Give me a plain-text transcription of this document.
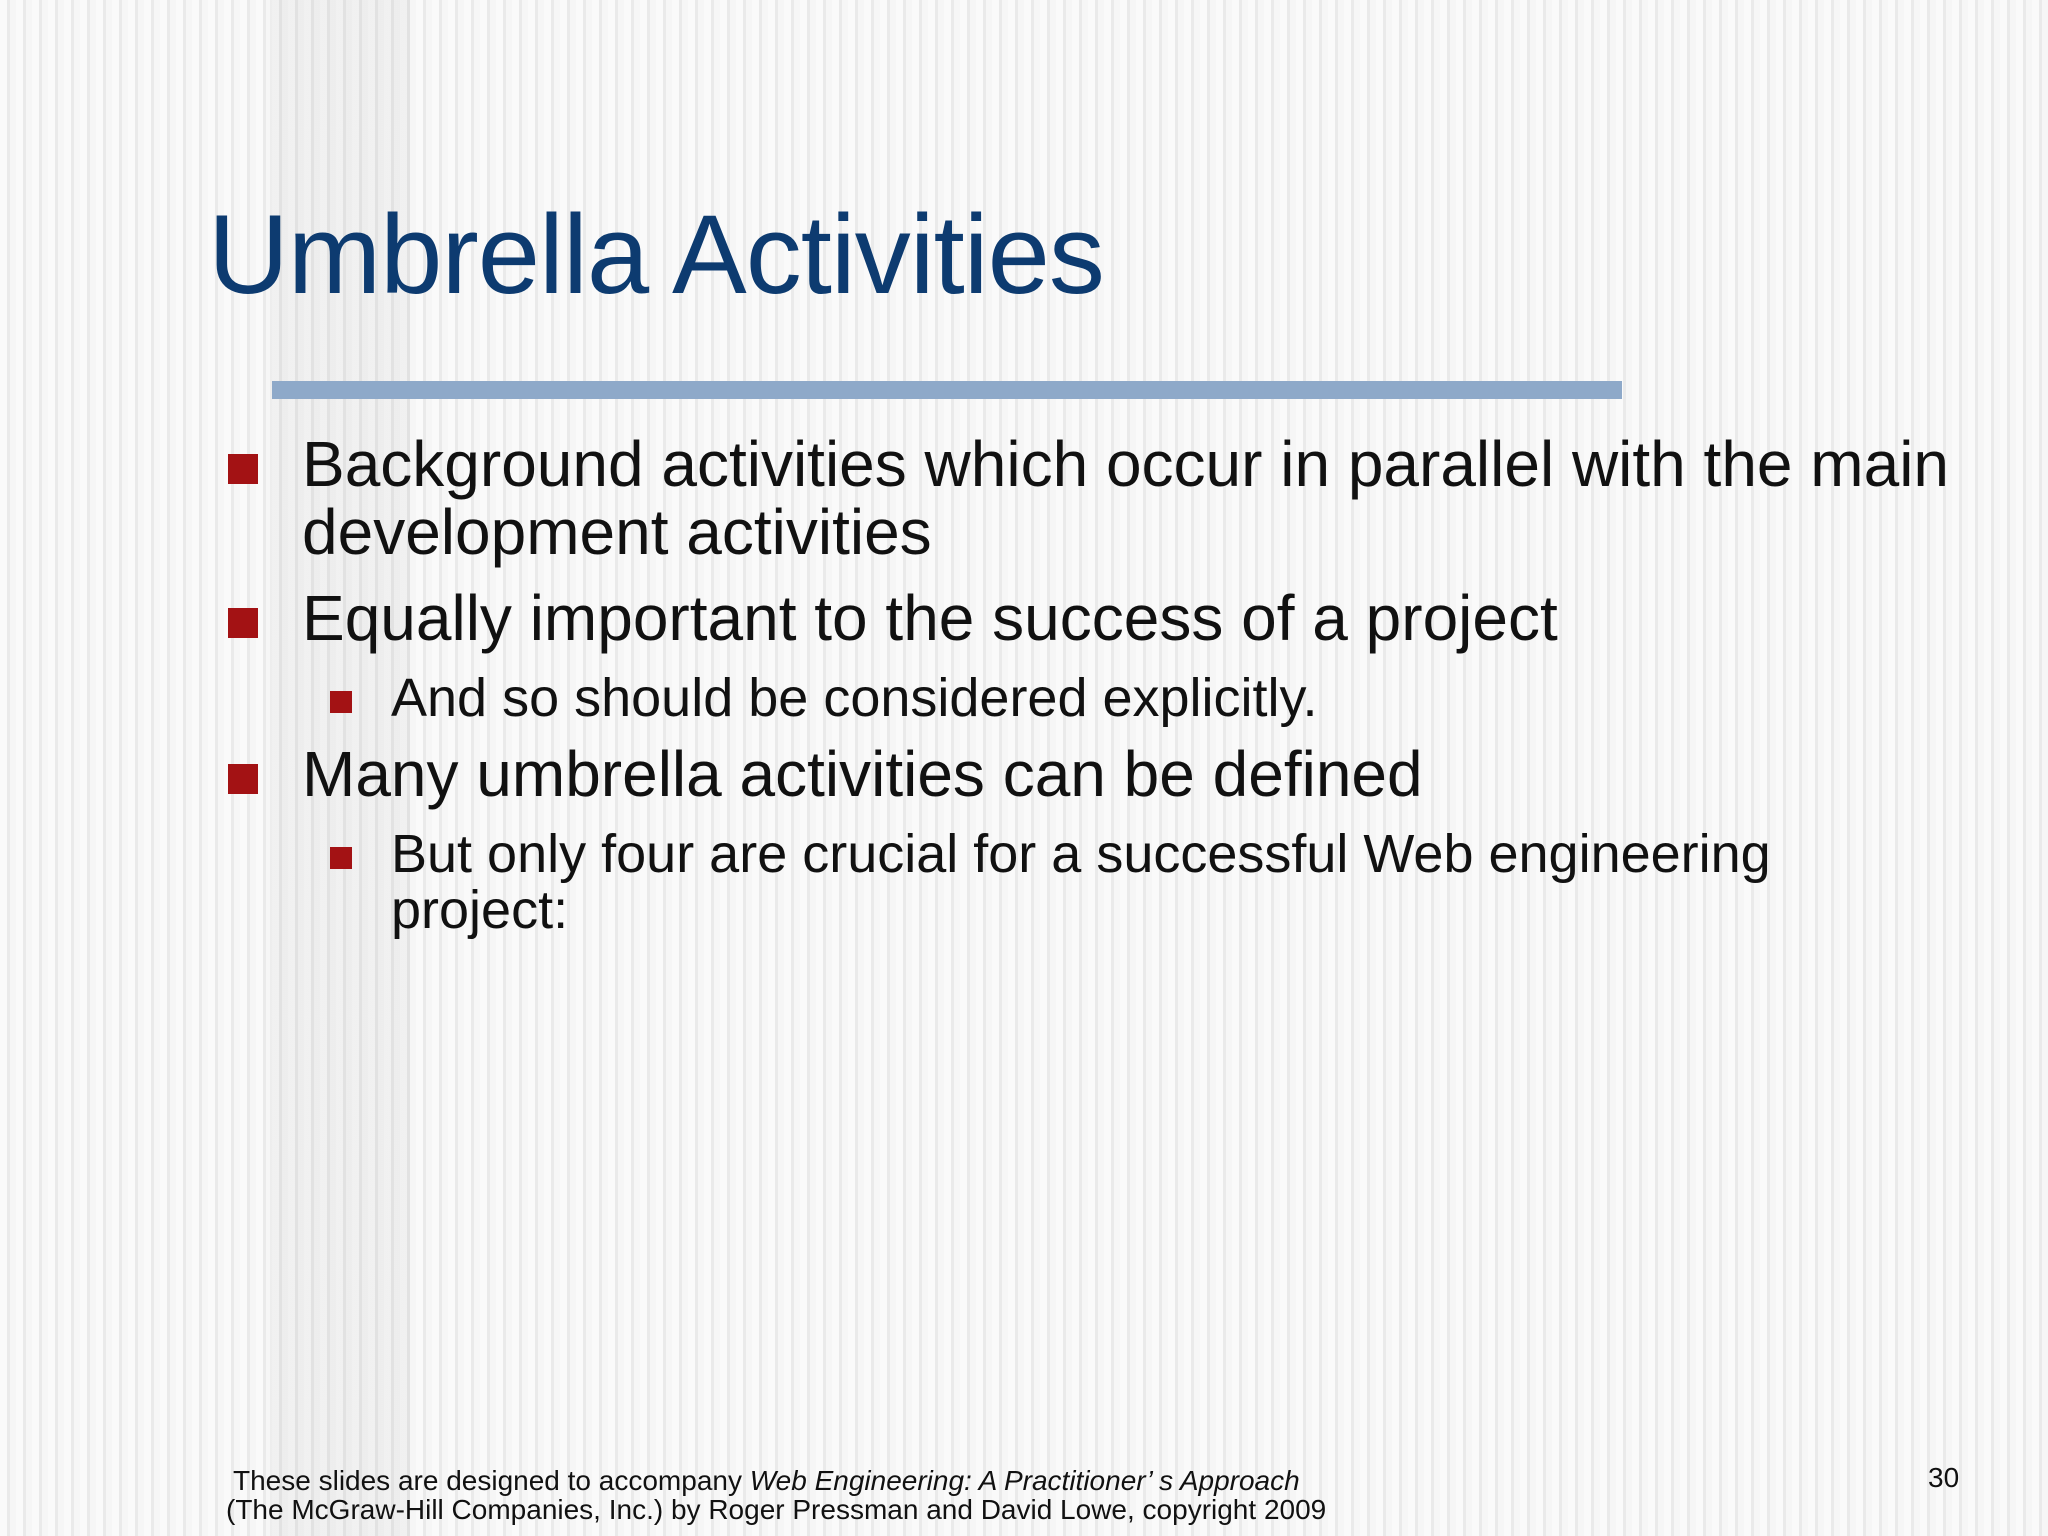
Umbrella Activities
Background activities which occur in parallel with the main development activities
Equally important to the success of a project
And so should be considered explicitly.
Many umbrella activities can be defined
But only four are crucial for a successful Web engineering project:
These slides are designed to accompany Web Engineering: A Practitioner’ s Approach
(The McGraw-Hill Companies, Inc.) by Roger Pressman and David Lowe, copyright 2009
30
